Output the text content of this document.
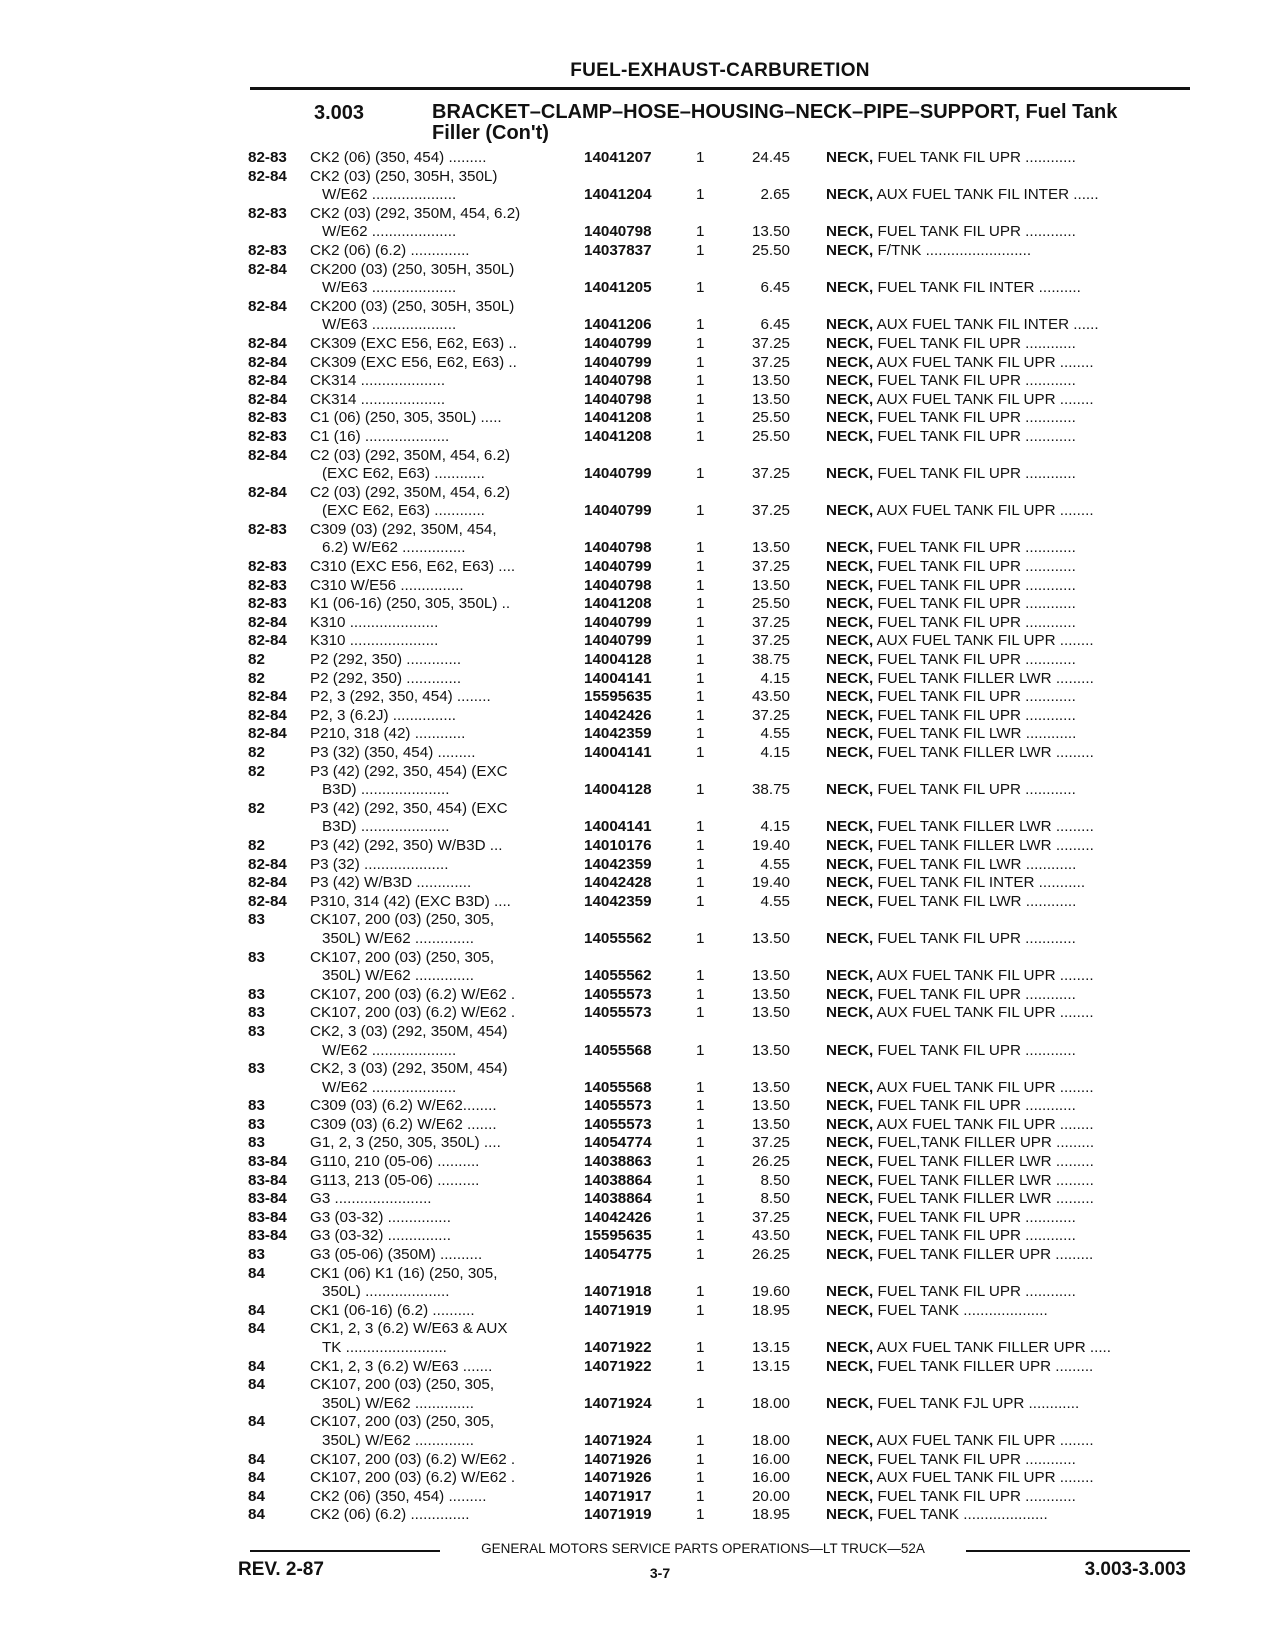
FUEL-EXHAUST-CARBURETION
3.003	BRACKET–CLAMP–HOSE–HOUSING–NECK–PIPE–SUPPORT, Fuel Tank
Filler (Con't)
82-83	CK2 (06) (350, 454) .........	14041207	1	24.45 NECK, FUEL TANK FIL UPR ............
82-84	CK2 (03) (250, 305H, 350L)
W/E62 ....................	14041204	1	2.65 NECK, AUX FUEL TANK FIL INTER ......
82-83	CK2 (03) (292, 350M, 454, 6.2)
W/E62 ....................	14040798	1	13.50 NECK, FUEL TANK FIL UPR ............
82-83	CK2 (06) (6.2) ..............	14037837	1	25.50 NECK, F/TNK .........................
82-84	CK200 (03) (250, 305H, 350L)
W/E63 ....................	14041205	1	6.45 NECK, FUEL TANK FIL INTER ..........
82-84	CK200 (03) (250, 305H, 350L)
W/E63 ....................	14041206	1	6.45 NECK, AUX FUEL TANK FIL INTER ......
82-84	CK309 (EXC E56, E62, E63) ..	14040799	1	37.25 NECK, FUEL TANK FIL UPR ............
82-84	CK309 (EXC E56, E62, E63) ..	14040799	1	37.25 NECK, AUX FUEL TANK FIL UPR ........
82-84	CK314 ....................	14040798	1	13.50 NECK, FUEL TANK FIL UPR ............
82-84	CK314 ....................	14040798	1	13.50 NECK, AUX FUEL TANK FIL UPR ........
82-83	C1 (06) (250, 305, 350L) .....	14041208	1	25.50 NECK, FUEL TANK FIL UPR ............
82-83	C1 (16) ....................	14041208	1	25.50 NECK, FUEL TANK FIL UPR ............
82-84	C2 (03) (292, 350M, 454, 6.2)
(EXC E62, E63) ............	14040799	1	37.25 NECK, FUEL TANK FIL UPR ............
82-84	C2 (03) (292, 350M, 454, 6.2)
(EXC E62, E63) ............	14040799	1	37.25 NECK, AUX FUEL TANK FIL UPR ........
82-83	C309 (03) (292, 350M, 454,
6.2) W/E62 ...............	14040798	1	13.50 NECK, FUEL TANK FIL UPR ............
82-83	C310 (EXC E56, E62, E63) ....	14040799	1	37.25 NECK, FUEL TANK FIL UPR ............
82-83	C310 W/E56 ...............	14040798	1	13.50 NECK, FUEL TANK FIL UPR ............
82-83	K1 (06-16) (250, 305, 350L) ..	14041208	1	25.50 NECK, FUEL TANK FIL UPR ............
82-84	K310 .....................	14040799	1	37.25 NECK, FUEL TANK FIL UPR ............
82-84	K310 .....................	14040799	1	37.25 NECK, AUX FUEL TANK FIL UPR ........
82	P2 (292, 350) .............	14004128	1	38.75 NECK, FUEL TANK FIL UPR ............
82	P2 (292, 350) .............	14004141	1	4.15 NECK, FUEL TANK FILLER LWR .........
82-84	P2, 3 (292, 350, 454) ........	15595635	1	43.50 NECK, FUEL TANK FIL UPR ............
82-84	P2, 3 (6.2J) ...............	14042426	1	37.25 NECK, FUEL TANK FIL UPR ............
82-84	P210, 318 (42) ............	14042359	1	4.55 NECK, FUEL TANK FIL LWR ............
82	P3 (32) (350, 454) .........	14004141	1	4.15 NECK, FUEL TANK FILLER LWR .........
82	P3 (42) (292, 350, 454) (EXC
B3D) .....................	14004128	1	38.75 NECK, FUEL TANK FIL UPR ............
82	P3 (42) (292, 350, 454) (EXC
B3D) .....................	14004141	1	4.15 NECK, FUEL TANK FILLER LWR .........
82	P3 (42) (292, 350) W/B3D ...	14010176	1	19.40 NECK, FUEL TANK FILLER LWR .........
82-84	P3 (32) ....................	14042359	1	4.55 NECK, FUEL TANK FIL LWR ............
82-84	P3 (42) W/B3D .............	14042428	1	19.40 NECK, FUEL TANK FIL INTER ...........
82-84	P310, 314 (42) (EXC B3D) ....	14042359	1	4.55 NECK, FUEL TANK FIL LWR ............
83	CK107, 200 (03) (250, 305,
350L) W/E62 ..............	14055562	1	13.50 NECK, FUEL TANK FIL UPR ............
83	CK107, 200 (03) (250, 305,
350L) W/E62 ..............	14055562	1	13.50 NECK, AUX FUEL TANK FIL UPR ........
83	CK107, 200 (03) (6.2) W/E62 .	14055573	1	13.50 NECK, FUEL TANK FIL UPR ............
83	CK107, 200 (03) (6.2) W/E62 .	14055573	1	13.50 NECK, AUX FUEL TANK FIL UPR ........
83	CK2, 3 (03) (292, 350M, 454)
W/E62 ....................	14055568	1	13.50 NECK, FUEL TANK FIL UPR ............
83	CK2, 3 (03) (292, 350M, 454)
W/E62 ....................	14055568	1	13.50 NECK, AUX FUEL TANK FIL UPR ........
83	C309 (03) (6.2) W/E62........	14055573	1	13.50 NECK, FUEL TANK FIL UPR ............
83	C309 (03) (6.2) W/E62 .......	14055573	1	13.50 NECK, AUX FUEL TANK FIL UPR ........
83	G1, 2, 3 (250, 305, 350L) ....	14054774	1	37.25 NECK, FUEL,TANK FILLER UPR .........
83-84	G110, 210 (05-06) ..........	14038863	1	26.25 NECK, FUEL TANK FILLER LWR .........
83-84	G113, 213 (05-06) ..........	14038864	1	8.50 NECK, FUEL TANK FILLER LWR .........
83-84	G3 .......................	14038864	1	8.50 NECK, FUEL TANK FILLER LWR .........
83-84	G3 (03-32) ...............	14042426	1	37.25 NECK, FUEL TANK FIL UPR ............
83-84	G3 (03-32) ...............	15595635	1	43.50 NECK, FUEL TANK FIL UPR ............
83	G3 (05-06) (350M) ..........	14054775	1	26.25 NECK, FUEL TANK FILLER UPR .........
84	CK1 (06) K1 (16) (250, 305,
350L) ....................	14071918	1	19.60 NECK, FUEL TANK FIL UPR ............
84	CK1 (06-16) (6.2) ..........	14071919	1	18.95 NECK, FUEL TANK ....................
84	CK1, 2, 3 (6.2) W/E63 & AUX
TK ........................	14071922	1	13.15 NECK, AUX FUEL TANK FILLER UPR .....
84	CK1, 2, 3 (6.2) W/E63 .......	14071922	1	13.15 NECK, FUEL TANK FILLER UPR .........
84	CK107, 200 (03) (250, 305,
350L) W/E62 ..............	14071924	1	18.00 NECK, FUEL TANK FJL UPR ............
84	CK107, 200 (03) (250, 305,
350L) W/E62 ..............	14071924	1	18.00 NECK, AUX FUEL TANK FIL UPR ........
84	CK107, 200 (03) (6.2) W/E62 .	14071926	1	16.00 NECK, FUEL TANK FIL UPR ............
84	CK107, 200 (03) (6.2) W/E62 .	14071926	1	16.00 NECK, AUX FUEL TANK FIL UPR ........
84	CK2 (06) (350, 454) .........	14071917	1	20.00 NECK, FUEL TANK FIL UPR ............
84	CK2 (06) (6.2) ..............	14071919	1	18.95 NECK, FUEL TANK ....................
GENERAL MOTORS SERVICE PARTS OPERATIONS—LT TRUCK—52A
REV. 2-87	3-7	3.003-3.003
